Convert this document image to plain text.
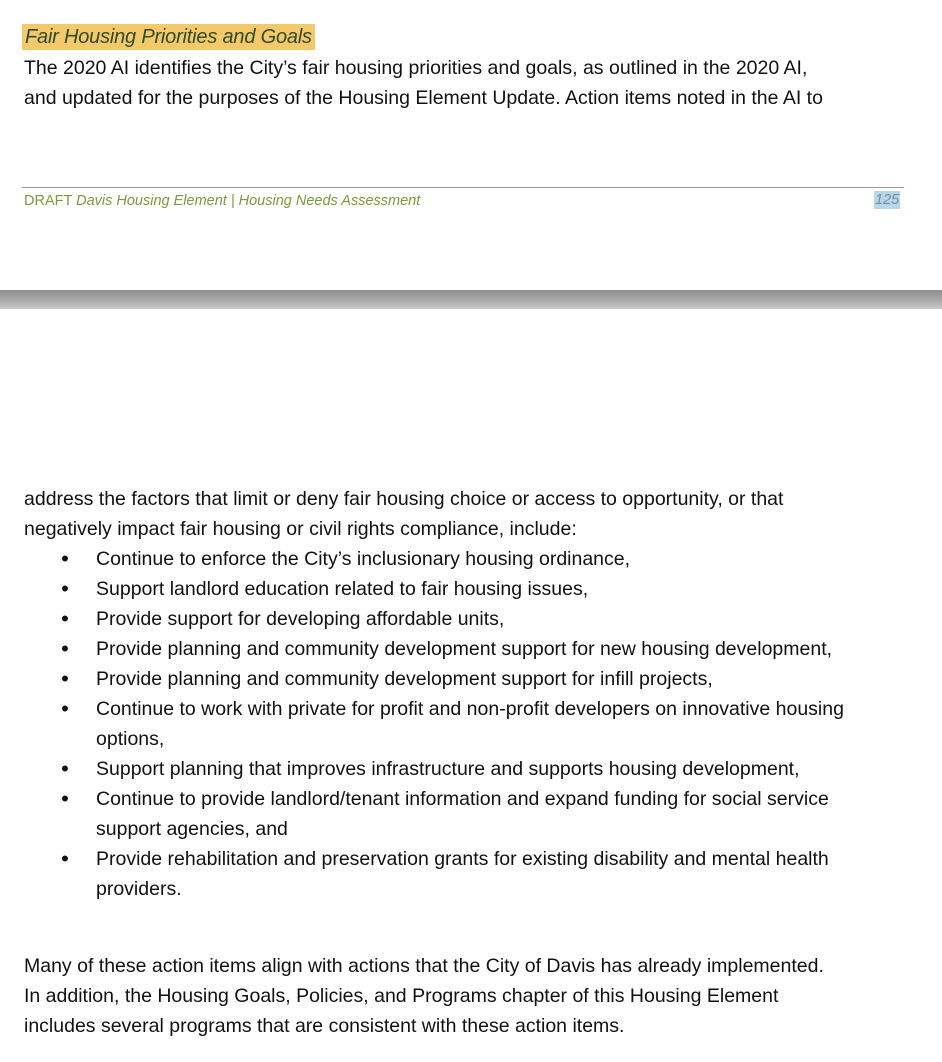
Fair Housing Priorities and Goals
The 2020 AI identifies the City’s fair housing priorities and goals, as outlined in the 2020 AI,
and updated for the purposes of the Housing Element Update. Action items noted in the AI to
DRAFT Davis Housing Element | Housing Needs Assessment	125
address the factors that limit or deny fair housing choice or access to opportunity, or that
negatively impact fair housing or civil rights compliance, include:
• Continue to enforce the City’s inclusionary housing ordinance,
• Support landlord education related to fair housing issues,
• Provide support for developing affordable units,
• Provide planning and community development support for new housing development,
• Provide planning and community development support for infill projects,
• Continue to work with private for profit and non-profit developers on innovative housing
options,
• Support planning that improves infrastructure and supports housing development,
• Continue to provide landlord/tenant information and expand funding for social service
support agencies, and
• Provide rehabilitation and preservation grants for existing disability and mental health
providers.
Many of these action items align with actions that the City of Davis has already implemented.
In addition, the Housing Goals, Policies, and Programs chapter of this Housing Element
includes several programs that are consistent with these action items.
